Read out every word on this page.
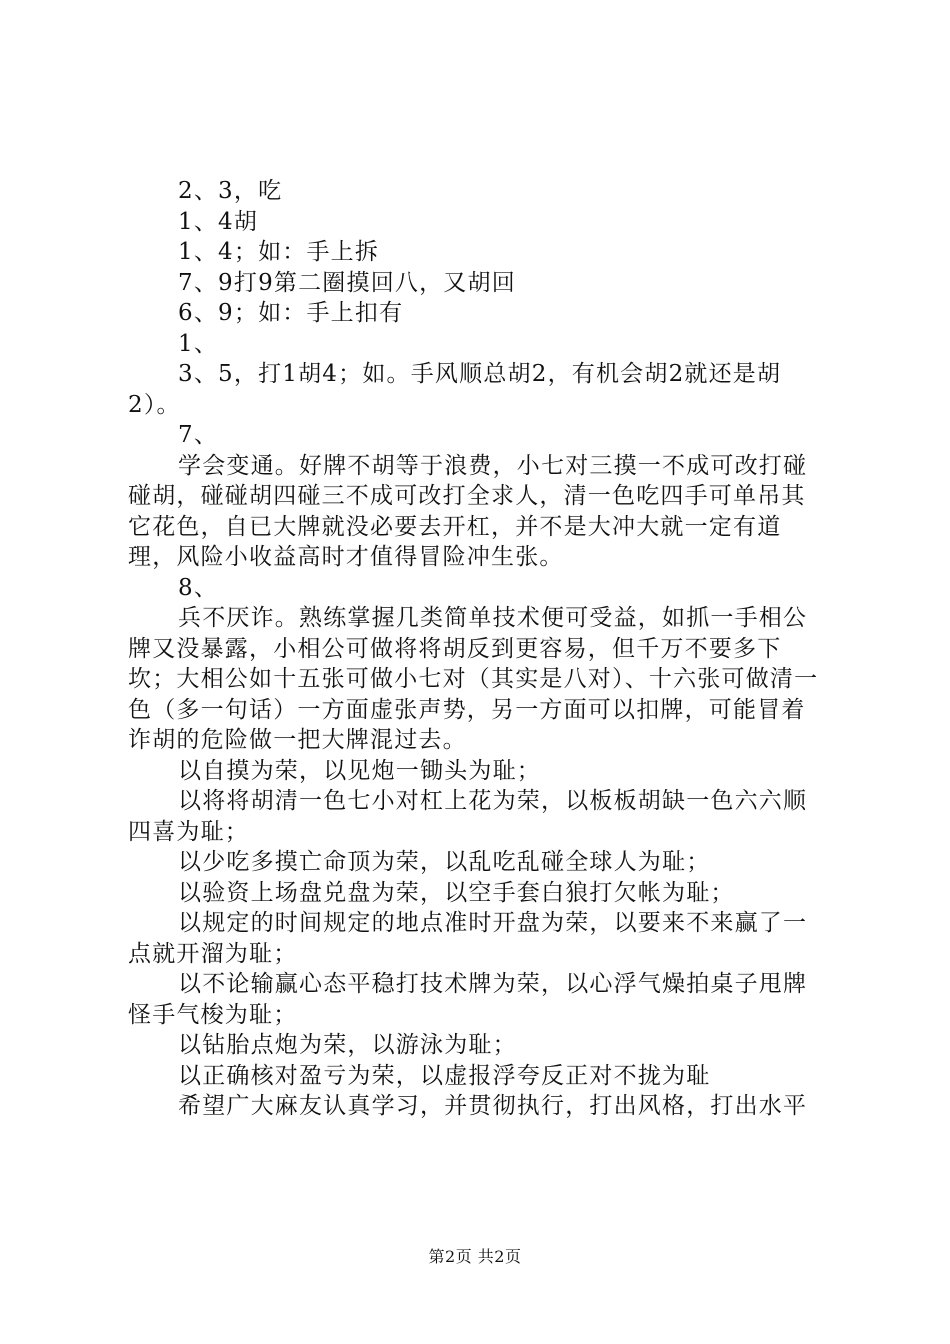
2、3，吃

1、4胡

1、4；如：手上拆

7、9打9第二圈摸回八，又胡回

6、9；如：手上扣有

1、

3、5，打1胡4；如。手风顺总胡2，有机会胡2就还是胡2）。

7、

学会变通。好牌不胡等于浪费，小七对三摸一不成可改打碰碰胡，碰碰胡四碰三不成可改打全求人，清一色吃四手可单吊其它花色，自已大牌就没必要去开杠，并不是大冲大就一定有道理，风险小收益高时才值得冒险冲生张。

8、

兵不厌诈。熟练掌握几类简单技术便可受益，如抓一手相公牌又没暴露，小相公可做将将胡反到更容易，但千万不要多下坎；大相公如十五张可做小七对（其实是八对）、十六张可做清一色（多一句话）一方面虚张声势，另一方面可以扣牌，可能冒着诈胡的危险做一把大牌混过去。

以自摸为荣，以见炮一锄头为耻；

以将将胡清一色七小对杠上花为荣，以板板胡缺一色六六顺四喜为耻；

以少吃多摸亡命顶为荣，以乱吃乱碰全球人为耻；

以验资上场盘兑盘为荣，以空手套白狼打欠帐为耻；

以规定的时间规定的地点准时开盘为荣，以要来不来赢了一点就开溜为耻；

以不论输赢心态平稳打技术牌为荣，以心浮气燥拍桌子甩牌怪手气梭为耻；

以钻胎点炮为荣，以游泳为耻；

以正确核对盈亏为荣，以虚报浮夸反正对不拢为耻

希望广大麻友认真学习，并贯彻执行，打出风格，打出水平

第2页 共2页
